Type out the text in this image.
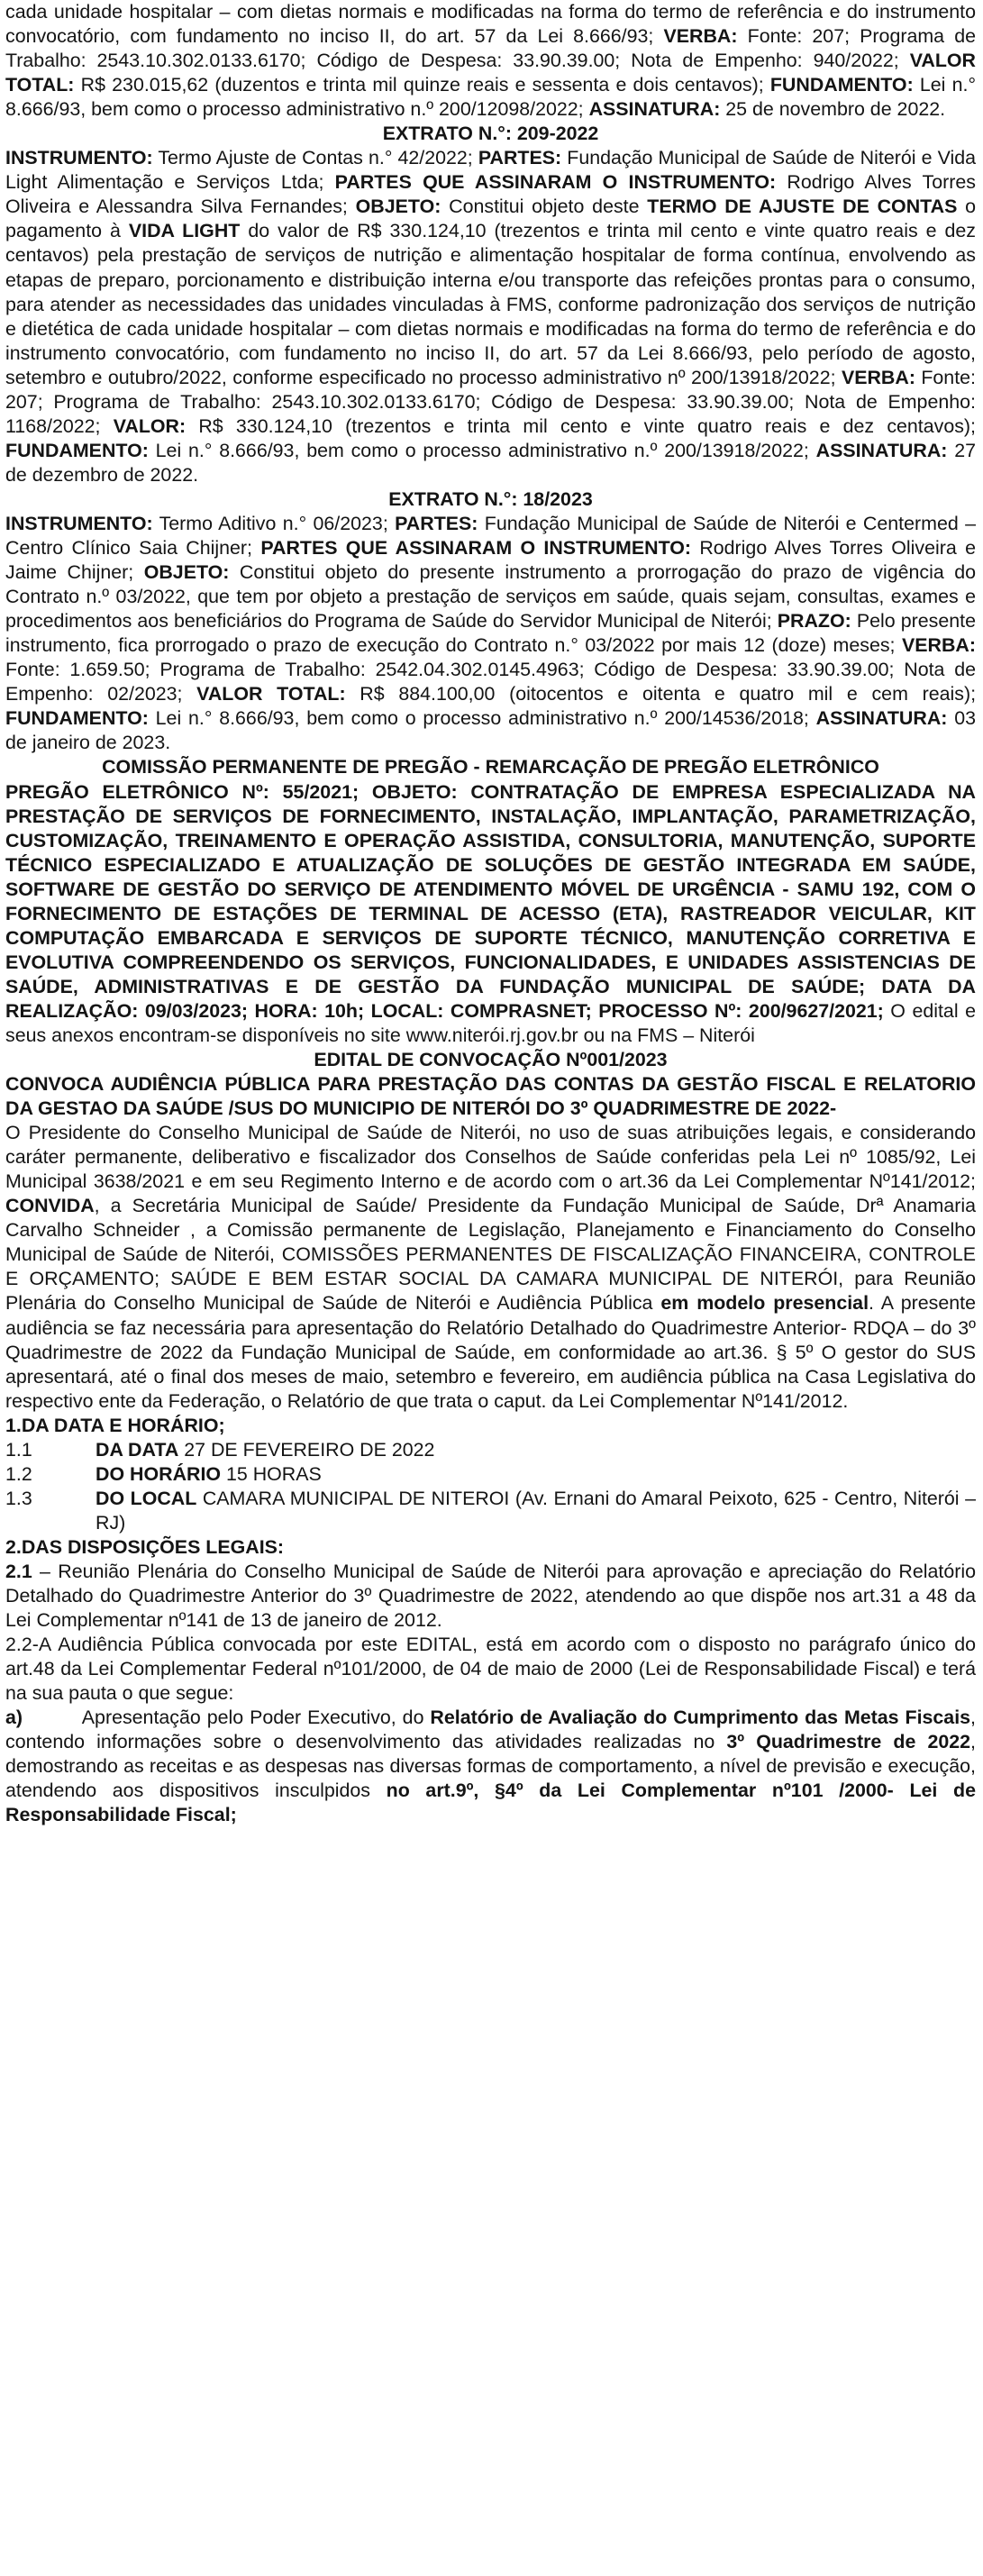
cada unidade hospitalar – com dietas normais e modificadas na forma do termo de referência e do instrumento convocatório, com fundamento no inciso II, do art. 57 da Lei 8.666/93; VERBA: Fonte: 207; Programa de Trabalho: 2543.10.302.0133.6170; Código de Despesa: 33.90.39.00; Nota de Empenho: 940/2022; VALOR TOTAL: R$ 230.015,62 (duzentos e trinta mil quinze reais e sessenta e dois centavos); FUNDAMENTO: Lei n.° 8.666/93, bem como o processo administrativo n.º 200/12098/2022; ASSINATURA: 25 de novembro de 2022.

EXTRATO N.°: 209-2022

INSTRUMENTO: Termo Ajuste de Contas n.° 42/2022; PARTES: Fundação Municipal de Saúde de Niterói e Vida Light Alimentação e Serviços Ltda; PARTES QUE ASSINARAM O INSTRUMENTO: Rodrigo Alves Torres Oliveira e Alessandra Silva Fernandes; OBJETO: Constitui objeto deste TERMO DE AJUSTE DE CONTAS o pagamento à VIDA LIGHT do valor de R$ 330.124,10 (trezentos e trinta mil cento e vinte quatro reais e dez centavos) pela prestação de serviços de nutrição e alimentação hospitalar de forma contínua, envolvendo as etapas de preparo, porcionamento e distribuição interna e/ou transporte das refeições prontas para o consumo, para atender as necessidades das unidades vinculadas à FMS, conforme padronização dos serviços de nutrição e dietética de cada unidade hospitalar – com dietas normais e modificadas na forma do termo de referência e do instrumento convocatório, com fundamento no inciso II, do art. 57 da Lei 8.666/93, pelo período de agosto, setembro e outubro/2022, conforme especificado no processo administrativo nº 200/13918/2022; VERBA: Fonte: 207; Programa de Trabalho: 2543.10.302.0133.6170; Código de Despesa: 33.90.39.00; Nota de Empenho: 1168/2022; VALOR: R$ 330.124,10 (trezentos e trinta mil cento e vinte quatro reais e dez centavos); FUNDAMENTO: Lei n.° 8.666/93, bem como o processo administrativo n.º 200/13918/2022; ASSINATURA: 27 de dezembro de 2022.

EXTRATO N.°: 18/2023

INSTRUMENTO: Termo Aditivo n.° 06/2023; PARTES: Fundação Municipal de Saúde de Niterói e Centermed – Centro Clínico Saia Chijner; PARTES QUE ASSINARAM O INSTRUMENTO: Rodrigo Alves Torres Oliveira e Jaime Chijner; OBJETO: Constitui objeto do presente instrumento a prorrogação do prazo de vigência do Contrato n.º 03/2022, que tem por objeto a prestação de serviços em saúde, quais sejam, consultas, exames e procedimentos aos beneficiários do Programa de Saúde do Servidor Municipal de Niterói; PRAZO: Pelo presente instrumento, fica prorrogado o prazo de execução do Contrato n.° 03/2022 por mais 12 (doze) meses; VERBA: Fonte: 1.659.50; Programa de Trabalho: 2542.04.302.0145.4963; Código de Despesa: 33.90.39.00; Nota de Empenho: 02/2023; VALOR TOTAL: R$ 884.100,00 (oitocentos e oitenta e quatro mil e cem reais); FUNDAMENTO: Lei n.° 8.666/93, bem como o processo administrativo n.º 200/14536/2018; ASSINATURA: 03 de janeiro de 2023.

COMISSÃO PERMANENTE DE PREGÃO - REMARCAÇÃO DE PREGÃO ELETRÔNICO

PREGÃO ELETRÔNICO Nº: 55/2021; OBJETO: CONTRATAÇÃO DE EMPRESA ESPECIALIZADA NA PRESTAÇÃO DE SERVIÇOS DE FORNECIMENTO, INSTALAÇÃO, IMPLANTAÇÃO, PARAMETRIZAÇÃO, CUSTOMIZAÇÃO, TREINAMENTO E OPERAÇÃO ASSISTIDA, CONSULTORIA, MANUTENÇÃO, SUPORTE TÉCNICO ESPECIALIZADO E ATUALIZAÇÃO DE SOLUÇÕES DE GESTÃO INTEGRADA EM SAÚDE, SOFTWARE DE GESTÃO DO SERVIÇO DE ATENDIMENTO MÓVEL DE URGÊNCIA - SAMU 192, COM O FORNECIMENTO DE ESTAÇÕES DE TERMINAL DE ACESSO (ETA), RASTREADOR VEICULAR, KIT COMPUTAÇÃO EMBARCADA E SERVIÇOS DE SUPORTE TÉCNICO, MANUTENÇÃO CORRETIVA E EVOLUTIVA COMPREENDENDO OS SERVIÇOS, FUNCIONALIDADES, E UNIDADES ASSISTENCIAS DE SAÚDE, ADMINISTRATIVAS E DE GESTÃO DA FUNDAÇÃO MUNICIPAL DE SAÚDE; DATA DA REALIZAÇÃO: 09/03/2023; HORA: 10h; LOCAL: COMPRASNET; PROCESSO Nº: 200/9627/2021; O edital e seus anexos encontram-se disponíveis no site www.niterói.rj.gov.br ou na FMS – Niterói

EDITAL DE CONVOCAÇÃO Nº001/2023
CONVOCA AUDIÊNCIA PÚBLICA PARA PRESTAÇÃO DAS CONTAS DA GESTÃO FISCAL E RELATORIO DA GESTAO DA SAÚDE /SUS DO MUNICIPIO DE NITERÓI DO 3º QUADRIMESTRE DE 2022-

O Presidente do Conselho Municipal de Saúde de Niterói, no uso de suas atribuições legais, e considerando caráter permanente, deliberativo e fiscalizador dos Conselhos de Saúde conferidas pela Lei nº 1085/92, Lei Municipal 3638/2021 e em seu Regimento Interno e de acordo com o art.36 da Lei Complementar Nº141/2012; CONVIDA, a Secretária Municipal de Saúde/ Presidente da Fundação Municipal de Saúde, Drª Anamaria Carvalho Schneider , a Comissão permanente de Legislação, Planejamento e Financiamento do Conselho Municipal de Saúde de Niterói, COMISSÕES PERMANENTES DE FISCALIZAÇÃO FINANCEIRA, CONTROLE E ORÇAMENTO; SAÚDE E BEM ESTAR SOCIAL DA CAMARA MUNICIPAL DE NITERÓI, para Reunião Plenária do Conselho Municipal de Saúde de Niterói e Audiência Pública em modelo presencial. A presente audiência se faz necessária para apresentação do Relatório Detalhado do Quadrimestre Anterior- RDQA – do 3º Quadrimestre de 2022 da Fundação Municipal de Saúde, em conformidade ao art.36. § 5º O gestor do SUS apresentará, até o final dos meses de maio, setembro e fevereiro, em audiência pública na Casa Legislativa do respectivo ente da Federação, o Relatório de que trata o caput. da Lei Complementar Nº141/2012.

1.DA DATA E HORÁRIO;
1.1	DA DATA 27 DE FEVEREIRO DE 2022
1.2	DO HORÁRIO 15 HORAS
1.3	DO LOCAL CAMARA MUNICIPAL DE NITEROI (Av. Ernani do Amaral Peixoto, 625 - Centro, Niterói – RJ)
2.DAS DISPOSIÇÕES LEGAIS:

2.1 – Reunião Plenária do Conselho Municipal de Saúde de Niterói para aprovação e apreciação do Relatório Detalhado do Quadrimestre Anterior do 3º Quadrimestre de 2022, atendendo ao que dispõe nos art.31 a 48 da Lei Complementar nº141 de 13 de janeiro de 2012.

2.2-A Audiência Pública convocada por este EDITAL, está em acordo com o disposto no parágrafo único do art.48 da Lei Complementar Federal nº101/2000, de 04 de maio de 2000 (Lei de Responsabilidade Fiscal) e terá na sua pauta o que segue:

a)	Apresentação pelo Poder Executivo, do Relatório de Avaliação do Cumprimento das Metas Fiscais, contendo informações sobre o desenvolvimento das atividades realizadas no 3º Quadrimestre de 2022, demostrando as receitas e as despesas nas diversas formas de comportamento, a nível de previsão e execução, atendendo aos dispositivos insculpidos no art.9º, §4º da Lei Complementar nº101 /2000- Lei de Responsabilidade Fiscal;
